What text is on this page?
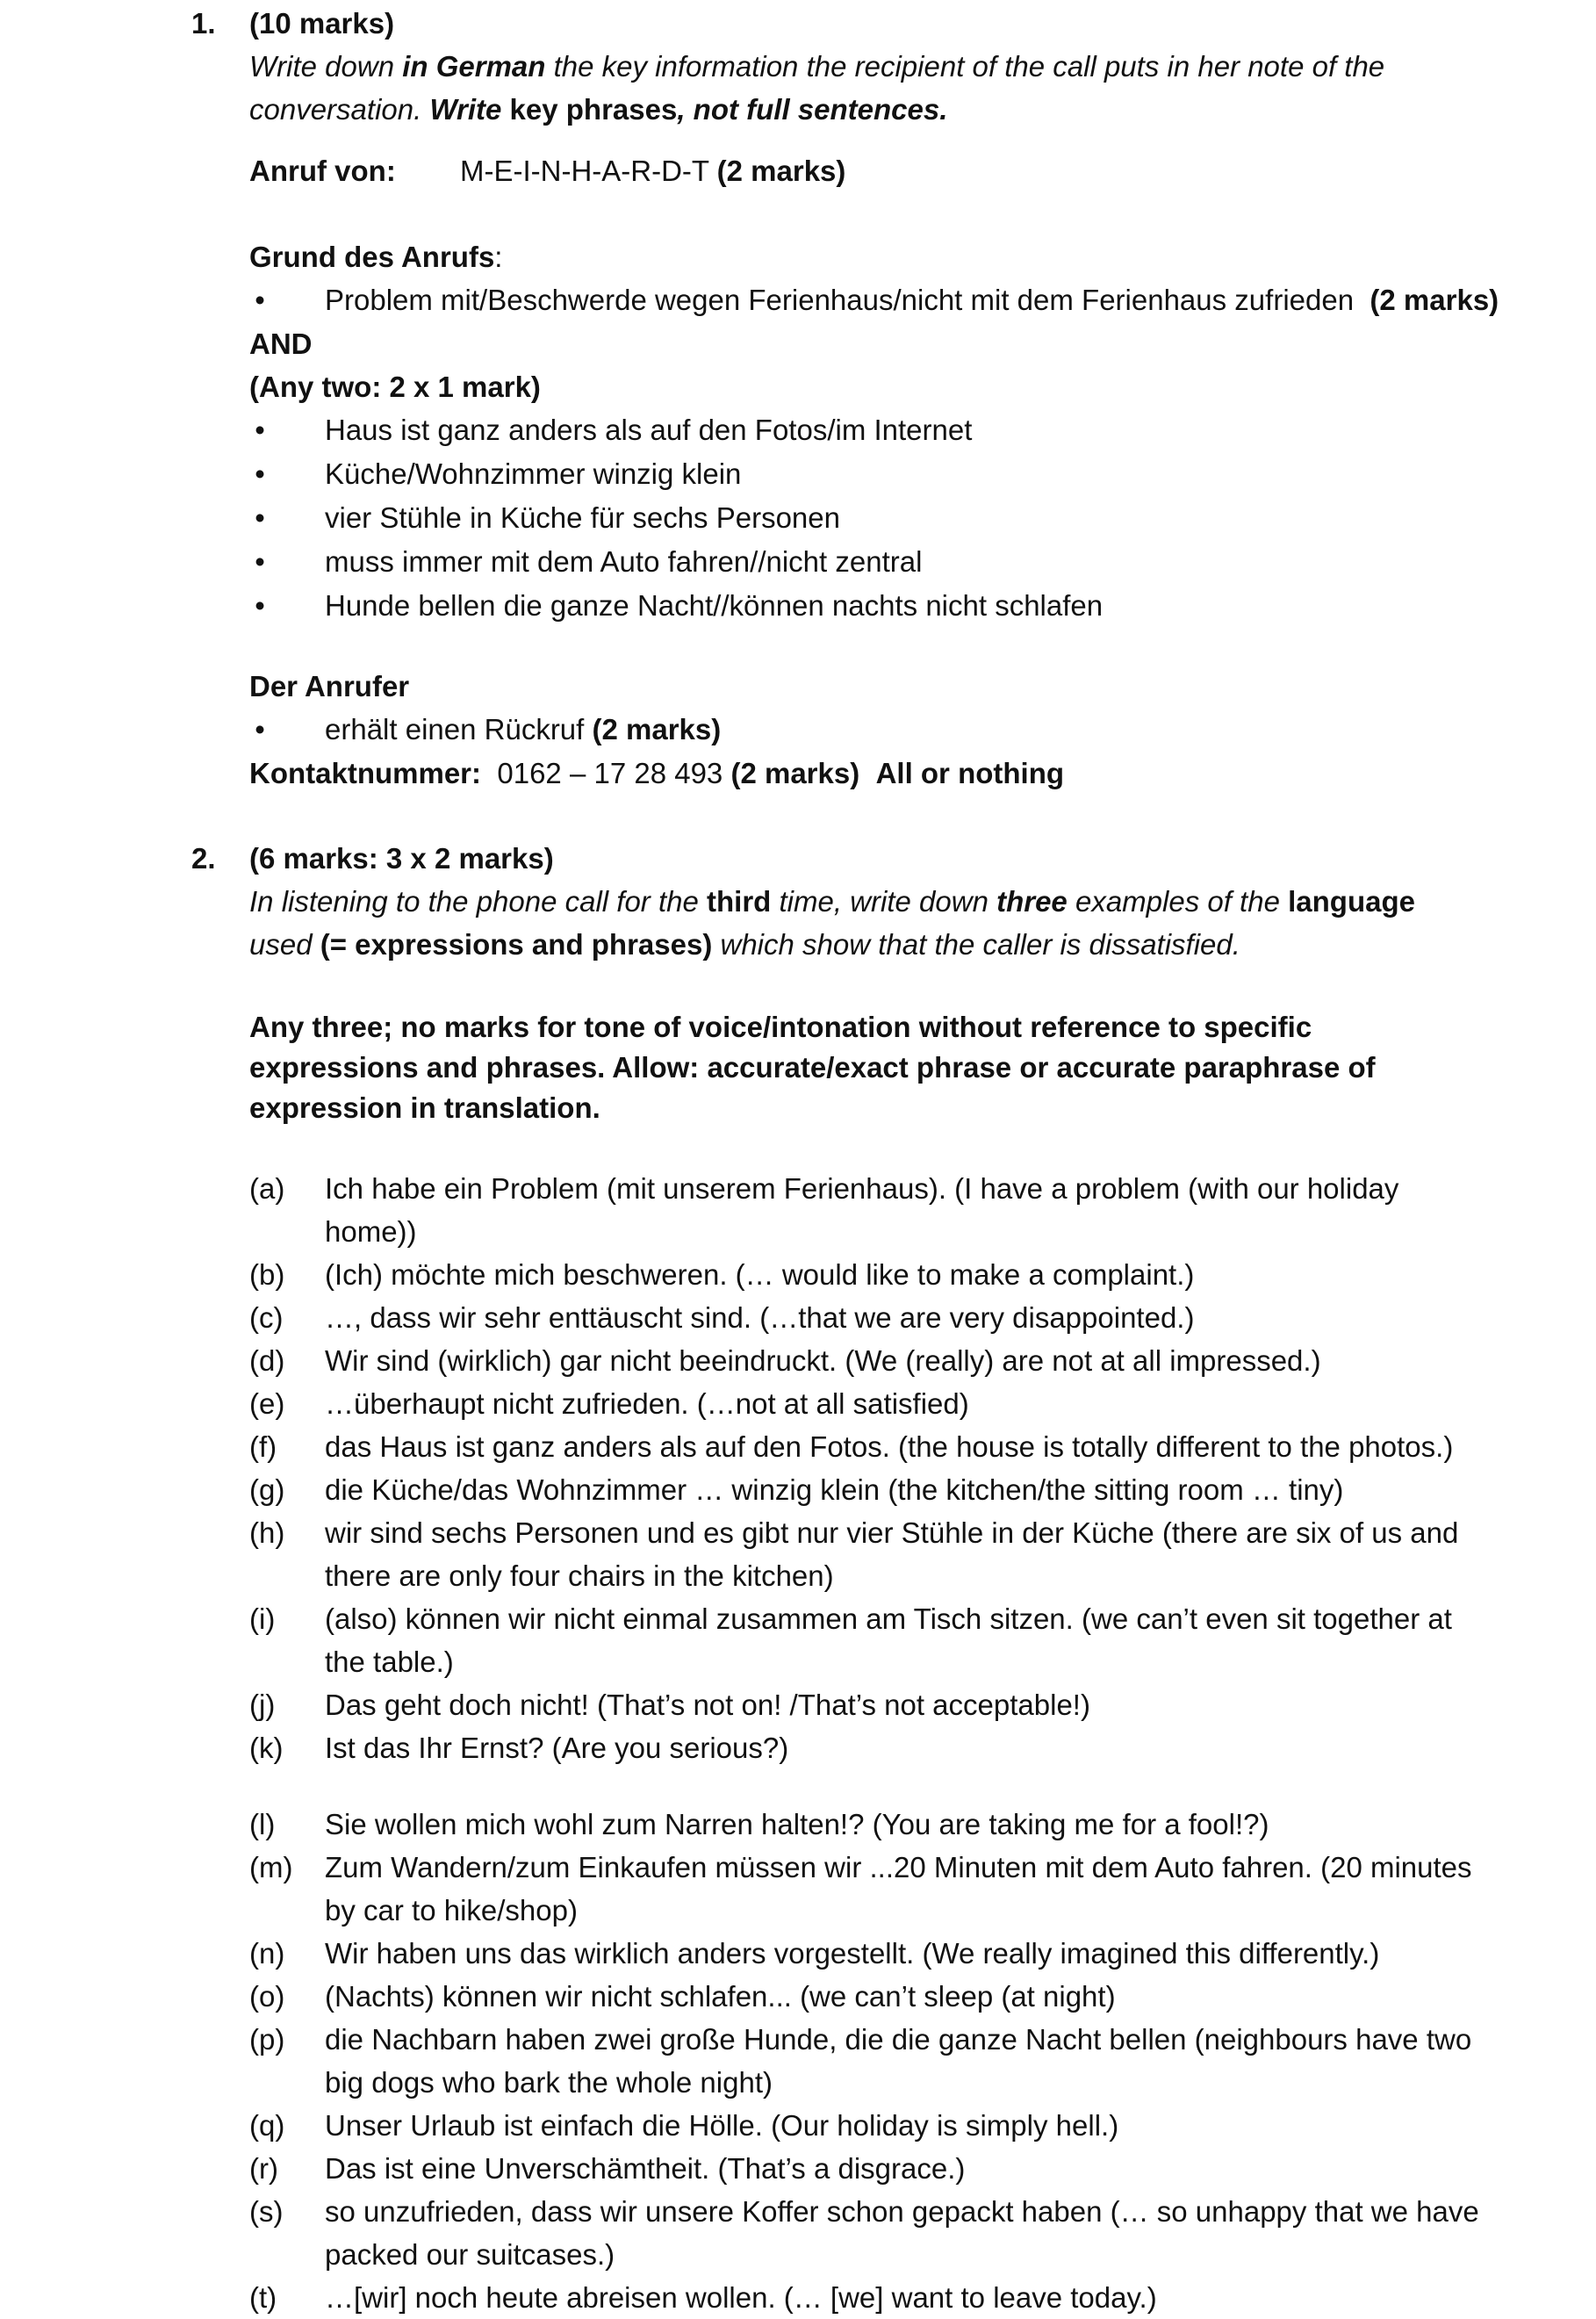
1. (10 marks)
Write down in German the key information the recipient of the call puts in her note of the
conversation. Write key phrases, not full sentences.
Anruf von: M-E-I-N-H-A-R-D-T (2 marks)
Grund des Anrufs:
• Problem mit/Beschwerde wegen Ferienhaus/nicht mit dem Ferienhaus zufrieden (2 marks)
AND
(Any two: 2 x 1 mark)
• Haus ist ganz anders als auf den Fotos/im Internet
• Küche/Wohnzimmer winzig klein
• vier Stühle in Küche für sechs Personen
• muss immer mit dem Auto fahren//nicht zentral
• Hunde bellen die ganze Nacht//können nachts nicht schlafen
Der Anrufer
• erhält einen Rückruf (2 marks)
Kontaktnummer: 0162 – 17 28 493 (2 marks) All or nothing
2. (6 marks: 3 x 2 marks)
In listening to the phone call for the third time, write down three examples of the language
used (= expressions and phrases) which show that the caller is dissatisfied.
Any three; no marks for tone of voice/intonation without reference to specific expressions and phrases. Allow: accurate/exact phrase or accurate paraphrase of expression in translation.
(a) Ich habe ein Problem (mit unserem Ferienhaus). (I have a problem (with our holiday home))
(b) (Ich) möchte mich beschweren. (… would like to make a complaint.)
(c) …, dass wir sehr enttäuscht sind. (…that we are very disappointed.)
(d) Wir sind (wirklich) gar nicht beeindruckt. (We (really) are not at all impressed.)
(e) …überhaupt nicht zufrieden. (…not at all satisfied)
(f) das Haus ist ganz anders als auf den Fotos. (the house is totally different to the photos.)
(g) die Küche/das Wohnzimmer … winzig klein (the kitchen/the sitting room … tiny)
(h) wir sind sechs Personen und es gibt nur vier Stühle in der Küche (there are six of us and there are only four chairs in the kitchen)
(i) (also) können wir nicht einmal zusammen am Tisch sitzen. (we can’t even sit together at the table.)
(j) Das geht doch nicht! (That’s not on! /That’s not acceptable!)
(k) Ist das Ihr Ernst? (Are you serious?)
(l) Sie wollen mich wohl zum Narren halten!? (You are taking me for a fool!?)
(m) Zum Wandern/zum Einkaufen müssen wir ...20 Minuten mit dem Auto fahren. (20 minutes by car to hike/shop)
(n) Wir haben uns das wirklich anders vorgestellt. (We really imagined this differently.)
(o) (Nachts) können wir nicht schlafen... (we can’t sleep (at night)
(p) die Nachbarn haben zwei große Hunde, die die ganze Nacht bellen (neighbours have two big dogs who bark the whole night)
(q) Unser Urlaub ist einfach die Hölle. (Our holiday is simply hell.)
(r) Das ist eine Unverschämtheit. (That’s a disgrace.)
(s) so unzufrieden, dass wir unsere Koffer schon gepackt haben (… so unhappy that we have packed our suitcases.)
(t) …[wir] noch heute abreisen wollen. (… [we] want to leave today.)
